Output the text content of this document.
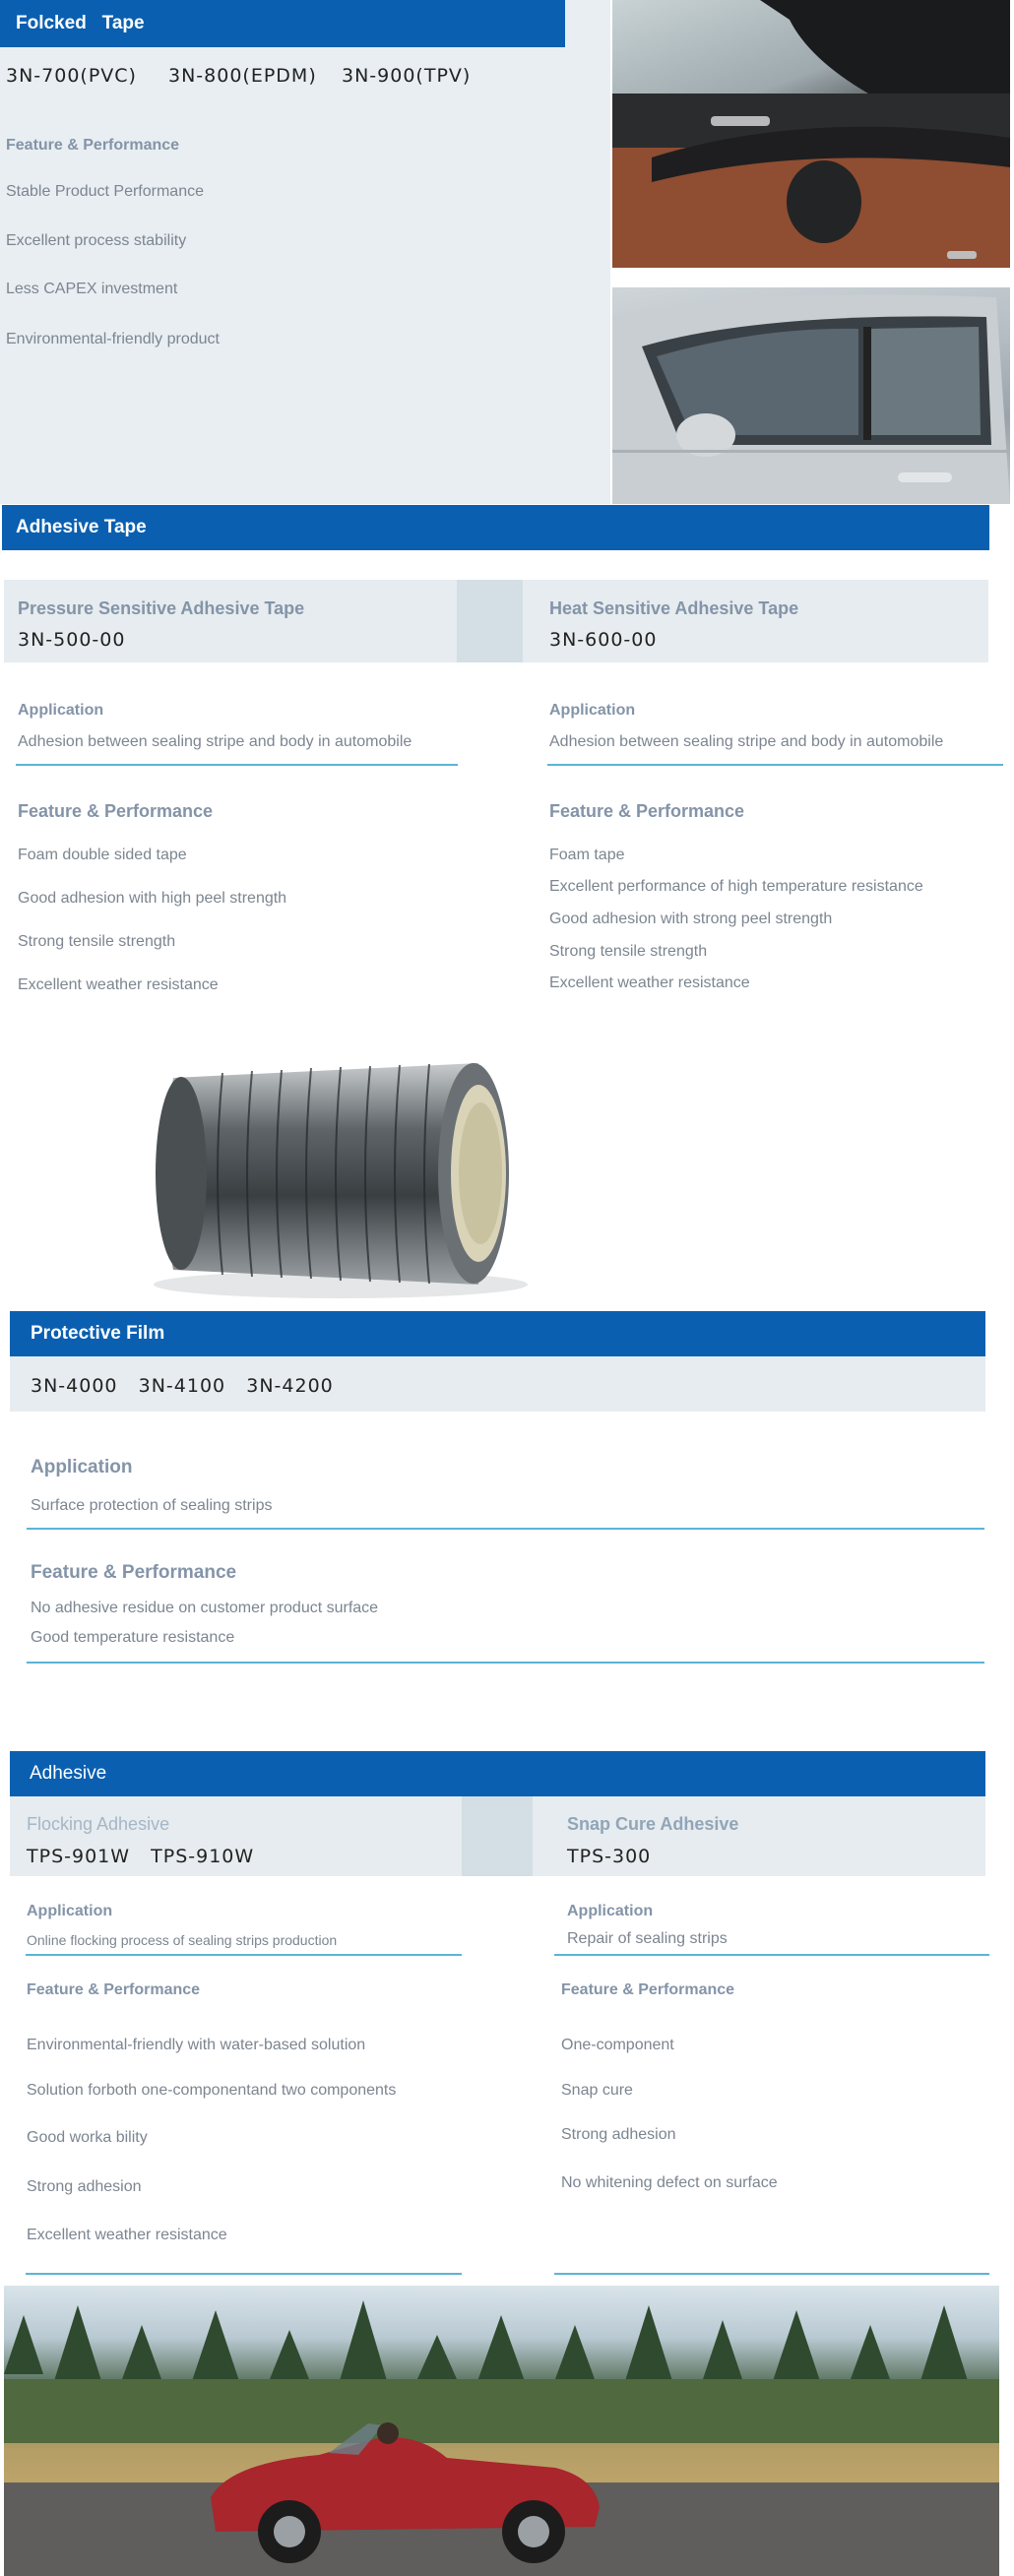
Folcked   Tape
3N-700(PVC) 3N-800(EPDM) 3N-900(TPV)
Feature & Performance
Stable Product Performance
Excellent process stability
Less CAPEX investment
Environmental-friendly product
Adhesive Tape
Pressure Sensitive Adhesive Tape
3N-500-00
Application
Adhesion between sealing stripe and body in automobile
Feature & Performance
Foam double sided tape
Good adhesion with high peel strength
Strong tensile strength
Excellent weather resistance
Heat Sensitive Adhesive Tape
3N-600-00
Application
Adhesion between sealing stripe and body in automobile
Feature & Performance
Foam tape
Excellent performance of high temperature resistance
Good adhesion with strong peel strength
Strong tensile strength
Excellent weather resistance
Protective Film
3N-4000   3N-4100   3N-4200
Application
Surface protection of sealing strips
Feature & Performance
No adhesive residue on customer product surface
Good temperature resistance
Adhesive
Flocking Adhesive
TPS-901W   TPS-910W
Application
Online flocking process of sealing strips production
Feature & Performance
Environmental-friendly with water-based solution
Solution forboth one-componentand two components
Good worka bility
Strong adhesion
Excellent weather resistance
Snap Cure Adhesive
TPS-300
Application
Repair of sealing strips
Feature & Performance
One-component
Snap cure
Strong adhesion
No whitening defect on surface
